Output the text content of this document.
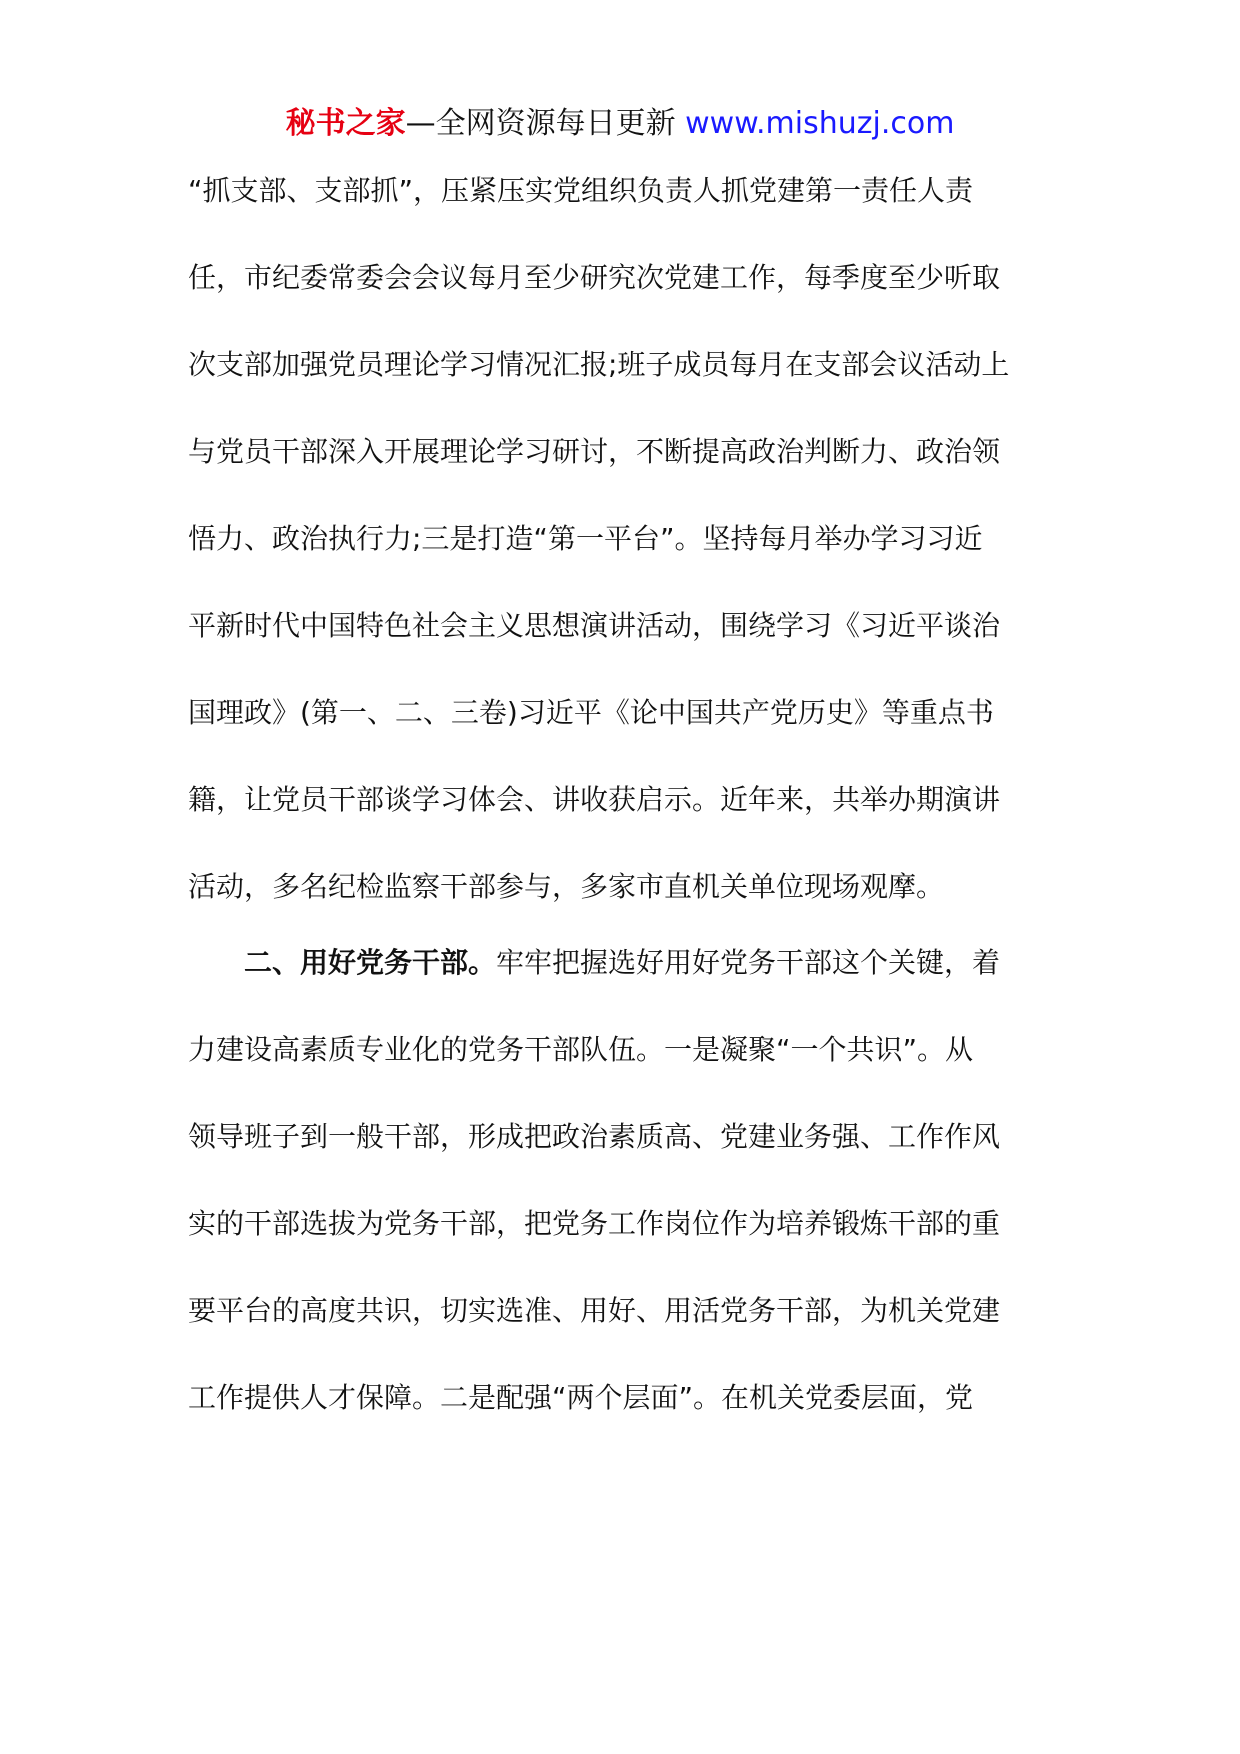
秘书之家—全网资源每日更新 www.mishuzj.com
“抓支部、支部抓”，压紧压实党组织负责人抓党建第一责任人责
任，市纪委常委会会议每月至少研究次党建工作，每季度至少听取
次支部加强党员理论学习情况汇报;班子成员每月在支部会议活动上
与党员干部深入开展理论学习研讨，不断提高政治判断力、政治领
悟力、政治执行力;三是打造“第一平台”。坚持每月举办学习习近
平新时代中国特色社会主义思想演讲活动，围绕学习《习近平谈治
国理政》(第一、二、三卷)习近平《论中国共产党历史》等重点书
籍，让党员干部谈学习体会、讲收获启示。近年来，共举办期演讲
活动，多名纪检监察干部参与，多家市直机关单位现场观摩。
二、用好党务干部。牢牢把握选好用好党务干部这个关键，着
力建设高素质专业化的党务干部队伍。一是凝聚“一个共识”。从
领导班子到一般干部，形成把政治素质高、党建业务强、工作作风
实的干部选拔为党务干部，把党务工作岗位作为培养锻炼干部的重
要平台的高度共识，切实选准、用好、用活党务干部，为机关党建
工作提供人才保障。二是配强“两个层面”。在机关党委层面，党
